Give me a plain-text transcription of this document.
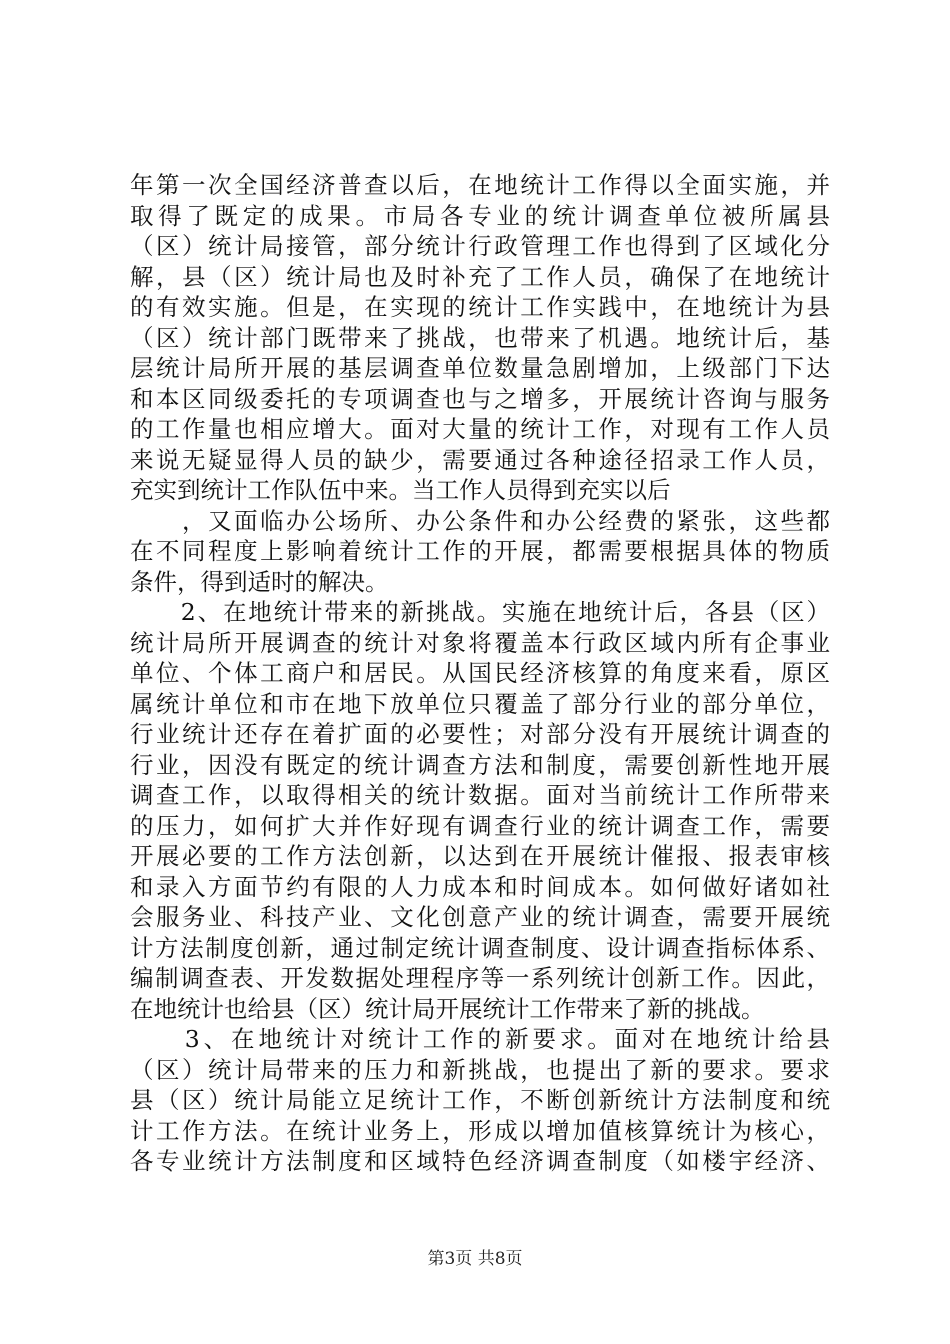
年第一次全国经济普查以后，在地统计工作得以全面实施，并
取得了既定的成果。市局各专业的统计调查单位被所属县
（区）统计局接管，部分统计行政管理工作也得到了区域化分
解，县（区）统计局也及时补充了工作人员，确保了在地统计
的有效实施。但是，在实现的统计工作实践中，在地统计为县
（区）统计部门既带来了挑战，也带来了机遇。地统计后，基
层统计局所开展的基层调查单位数量急剧增加，上级部门下达
和本区同级委托的专项调查也与之增多，开展统计咨询与服务
的工作量也相应增大。面对大量的统计工作，对现有工作人员
来说无疑显得人员的缺少，需要通过各种途径招录工作人员，
充实到统计工作队伍中来。当工作人员得到充实以后
　　，又面临办公场所、办公条件和办公经费的紧张，这些都
在不同程度上影响着统计工作的开展，都需要根据具体的物质
条件，得到适时的解决。
　　2、在地统计带来的新挑战。实施在地统计后，各县（区）
统计局所开展调查的统计对象将覆盖本行政区域内所有企事业
单位、个体工商户和居民。从国民经济核算的角度来看，原区
属统计单位和市在地下放单位只覆盖了部分行业的部分单位，
行业统计还存在着扩面的必要性；对部分没有开展统计调查的
行业，因没有既定的统计调查方法和制度，需要创新性地开展
调查工作，以取得相关的统计数据。面对当前统计工作所带来
的压力，如何扩大并作好现有调查行业的统计调查工作，需要
开展必要的工作方法创新，以达到在开展统计催报、报表审核
和录入方面节约有限的人力成本和时间成本。如何做好诸如社
会服务业、科技产业、文化创意产业的统计调查，需要开展统
计方法制度创新，通过制定统计调查制度、设计调查指标体系、
编制调查表、开发数据处理程序等一系列统计创新工作。因此，
在地统计也给县（区）统计局开展统计工作带来了新的挑战。
　　3、在地统计对统计工作的新要求。面对在地统计给县
（区）统计局带来的压力和新挑战，也提出了新的要求。要求
县（区）统计局能立足统计工作，不断创新统计方法制度和统
计工作方法。在统计业务上，形成以增加值核算统计为核心，
各专业统计方法制度和区域特色经济调查制度（如楼宇经济、
第3页 共8页
